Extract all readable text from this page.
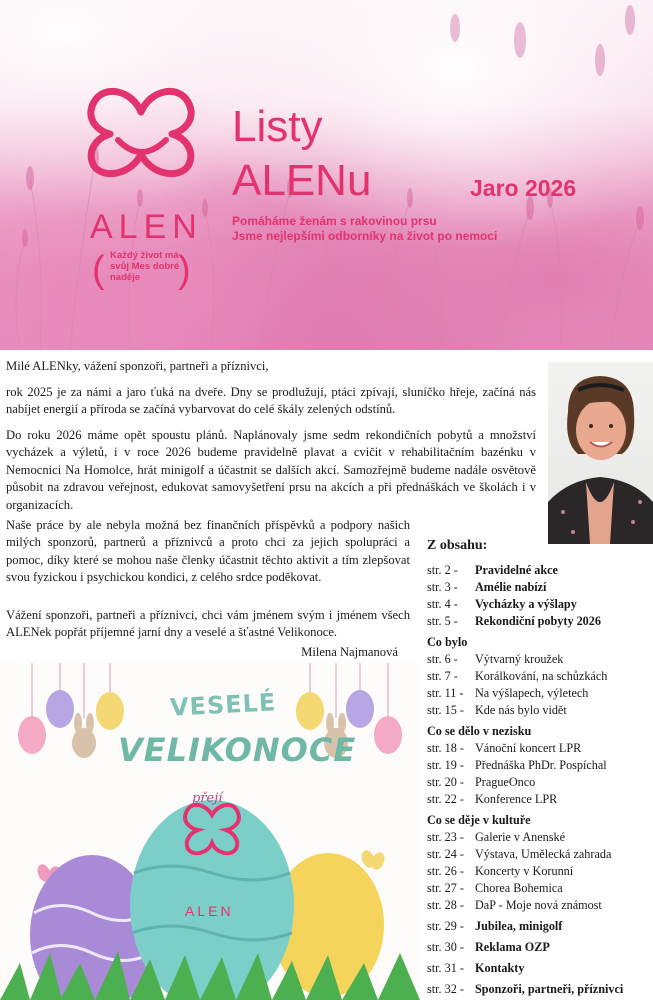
ALEN
( Každý život má svůj Mes dobré naděje )
Listy
ALENu	Jaro 2026
Pomáháme ženám s rakovinou prsu
Jsme nejlepšími odborníky na život po nemoci
Milé ALENky, vážení sponzoři, partneři a příznivci,
rok 2025 je za námi a jaro ťuká na dveře. Dny se prodlužují, ptáci zpívají, sluníčko hřeje, začíná nás nabíjet energií a příroda se začíná vybarvovat do celé škály zelených odstínů.
Do roku 2026 máme opět spoustu plánů. Naplánovaly jsme sedm rekondičních pobytů a množství vycházek a výletů, i v roce 2026 budeme pravidelně plavat a cvičit v rehabilitačním bazénku v Nemocnici Na Homolce, hrát minigolf a účastnit se dalších akcí. Samozřejmě budeme nadále osvětově působit na zdravou veřejnost, edukovat samovyšetření prsu na akcích a při přednáškách ve školách i v organizacích.
Naše práce by ale nebyla možná bez finančních příspěvků a podpory našich milých sponzorů, partnerů a příznivců a proto chci za jejich spolupráci a pomoc, díky které se mohou naše členky účastnit těchto aktivit a tím zlepšovat svou fyzickou i psychickou kondici, z celého srdce poděkovat.
Vážení sponzoři, partneři a příznivci, chci vám jménem svým i jménem všech ALENek popřát příjemné jarní dny a veselé a šťastné Velikonoce.
Milena Najmanová
Z obsahu:
str. 2 -	Pravidelné akce
str. 3 -	Amélie nabízí
str. 4 -	Vycházky a výšlapy
str. 5 -	Rekondiční pobyty 2026
Co bylo
str. 6 -	Výtvarný kroužek
str. 7 -	Korálkování, na schůzkách
str. 11 - Na výšlapech, výletech
str. 15 - Kde nás bylo vidět
Co se dělo v nezisku
str. 18 - Vánoční koncert LPR
str. 19 - Přednáška PhDr. Pospíchal
str. 20 - PragueOnco
str. 22 - Konference LPR
Co se děje v kultuře
str. 23 - Galerie v Anenské
str. 24 - Výstava, Umělecká zahrada
str. 26 - Koncerty v Korunní
str. 27 - Chorea Bohemica
str. 28 - DaP - Moje nová známost
str. 29 - Jubilea, minigolf
str. 30 - Reklama OZP
str. 31 - Kontakty
str. 32 - Sponzoři, partneři, příznivci
VESELÉ
VELIKONOCE
přejí
ALEN
